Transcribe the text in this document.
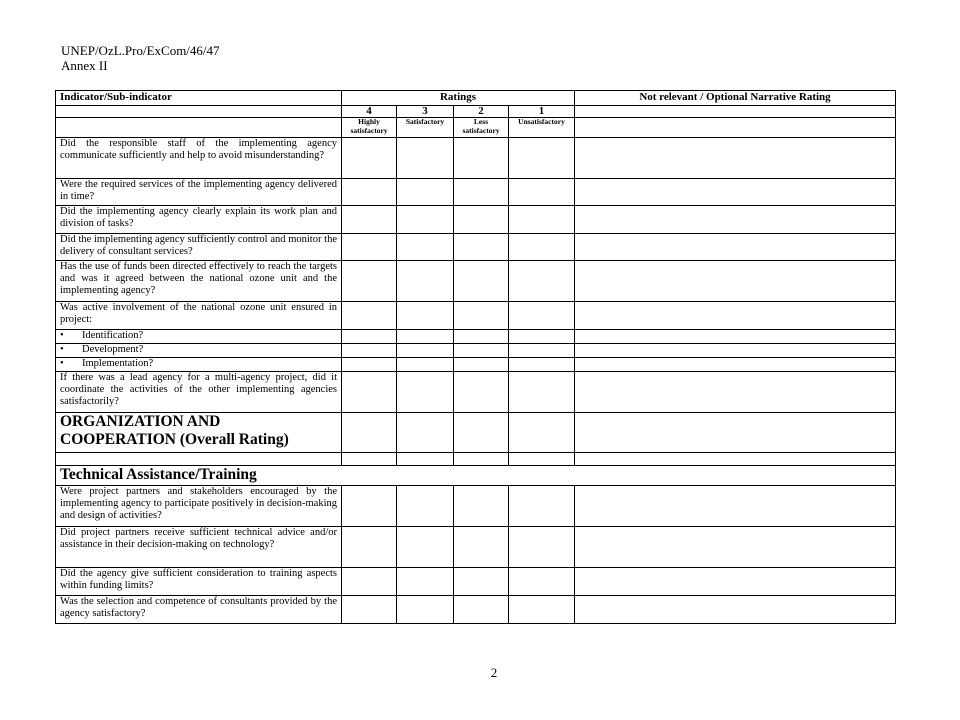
UNEP/OzL.Pro/ExCom/46/47
Annex II
Indicator/Sub-indicator	Ratings				Not relevant / Optional Narrative Rating
	4	3	2	1	
	Highly satisfactory	Satisfactory	Less satisfactory	Unsatisfactory	
Did the responsible staff of the implementing agency communicate sufficiently and help to avoid misunderstanding?					
Were the required services of the implementing agency delivered in time?					
Did the implementing agency clearly explain its work plan and division of tasks?					
Did the implementing agency sufficiently control and monitor the delivery of consultant services?					
Has the use of funds been directed effectively to reach the targets and was it agreed between the national ozone unit and the implementing agency?					
Was active involvement of the national ozone unit ensured in project:					
• Identification?					
• Development?					
• Implementation?					
If there was a lead agency for a multi-agency project, did it coordinate the activities of the other implementing agencies satisfactorily?					
ORGANIZATION AND COOPERATION (Overall Rating)					

Technical Assistance/Training					
Were project partners and stakeholders encouraged by the implementing agency to participate positively in decision-making and design of activities?					
Did project partners receive sufficient technical advice and/or assistance in their decision-making on technology?					
Did the agency give sufficient consideration to training aspects within funding limits?					
Was the selection and competence of consultants provided by the agency satisfactory?					
2
